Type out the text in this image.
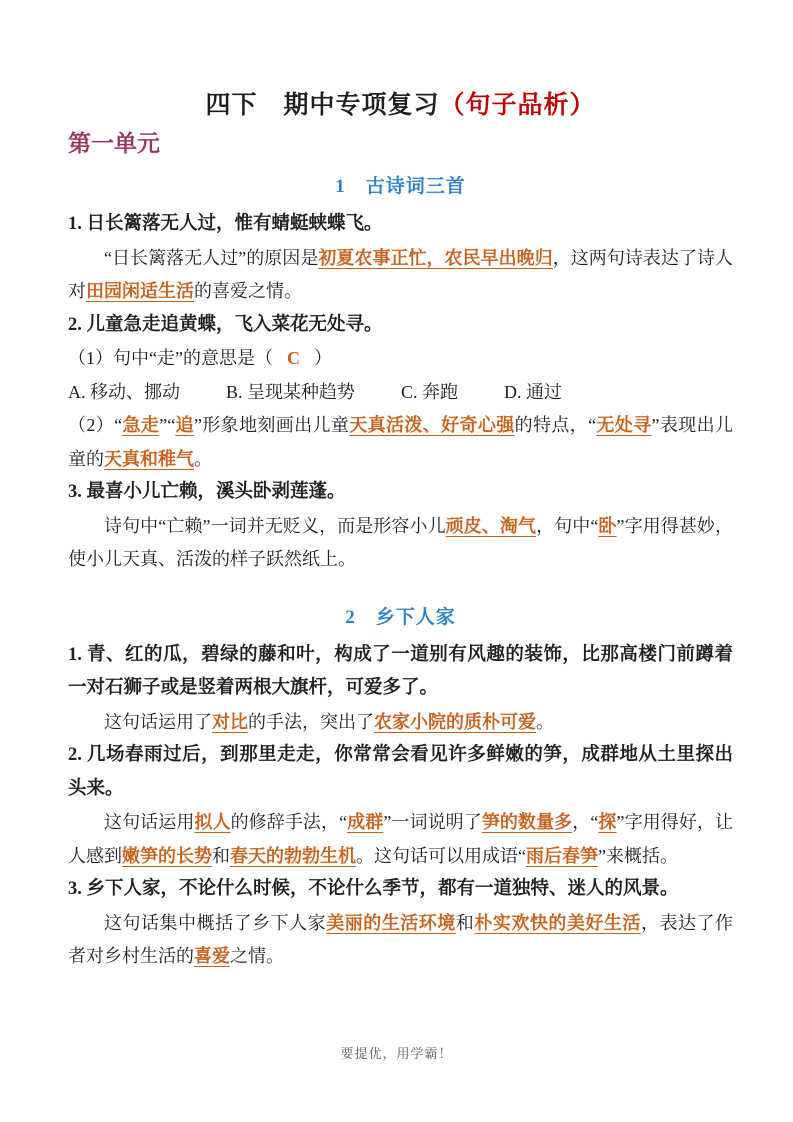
四下　期中专项复习（句子品析）
第一单元
1　古诗词三首

1. 日长篱落无人过，惟有蜻蜓蛱蝶飞。

“日长篱落无人过”的原因是初夏农事正忙，农民早出晚归，这两句诗表达了诗人对田园闲适生活的喜爱之情。

2. 儿童急走追黄蝶，飞入菜花无处寻。

（1）句中“走”的意思是（ C ）

A. 移动、挪动	B. 呈现某种趋势	C. 奔跑	D. 通过

（2）“急走”“追”形象地刻画出儿童天真活泼、好奇心强的特点，“无处寻”表现出儿童的天真和稚气。

3. 最喜小儿亡赖，溪头卧剥莲蓬。

诗句中“亡赖”一词并无贬义，而是形容小儿顽皮、淘气，句中“卧”字用得甚妙，使小儿天真、活泼的样子跃然纸上。

2　乡下人家

1. 青、红的瓜，碧绿的藤和叶，构成了一道别有风趣的装饰，比那高楼门前蹲着一对石狮子或是竖着两根大旗杆，可爱多了。

这句话运用了对比的手法，突出了农家小院的质朴可爱。

2. 几场春雨过后，到那里走走，你常常会看见许多鲜嫩的笋，成群地从土里探出头来。

这句话运用拟人的修辞手法，“成群”一词说明了笋的数量多，“探”字用得好，让人感到嫩笋的长势和春天的勃勃生机。这句话可以用成语“雨后春笋”来概括。

3. 乡下人家，不论什么时候，不论什么季节，都有一道独特、迷人的风景。

这句话集中概括了乡下人家美丽的生活环境和朴实欢快的美好生活，表达了作者对乡村生活的喜爱之情。

要提优，用学霸！
